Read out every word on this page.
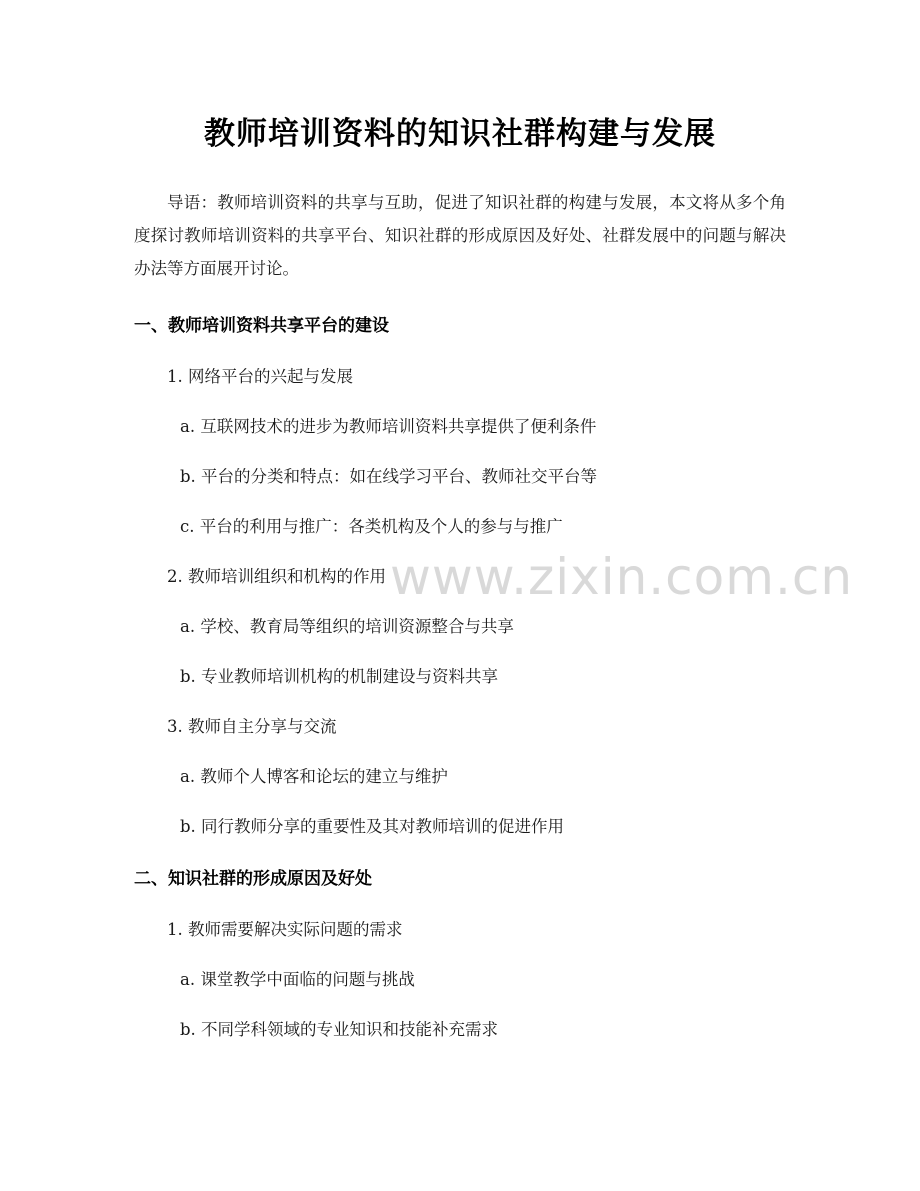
www.zixin.com.cn
教师培训资料的知识社群构建与发展

导语：教师培训资料的共享与互助，促进了知识社群的构建与发展，本文将从多个角度探讨教师培训资料的共享平台、知识社群的形成原因及好处、社群发展中的问题与解决办法等方面展开讨论。

一、教师培训资料共享平台的建设

1. 网络平台的兴起与发展

a. 互联网技术的进步为教师培训资料共享提供了便利条件

b. 平台的分类和特点：如在线学习平台、教师社交平台等

c. 平台的利用与推广：各类机构及个人的参与与推广

2. 教师培训组织和机构的作用

a. 学校、教育局等组织的培训资源整合与共享

b. 专业教师培训机构的机制建设与资料共享

3. 教师自主分享与交流

a. 教师个人博客和论坛的建立与维护

b. 同行教师分享的重要性及其对教师培训的促进作用

二、知识社群的形成原因及好处

1. 教师需要解决实际问题的需求

a. 课堂教学中面临的问题与挑战

b. 不同学科领域的专业知识和技能补充需求
